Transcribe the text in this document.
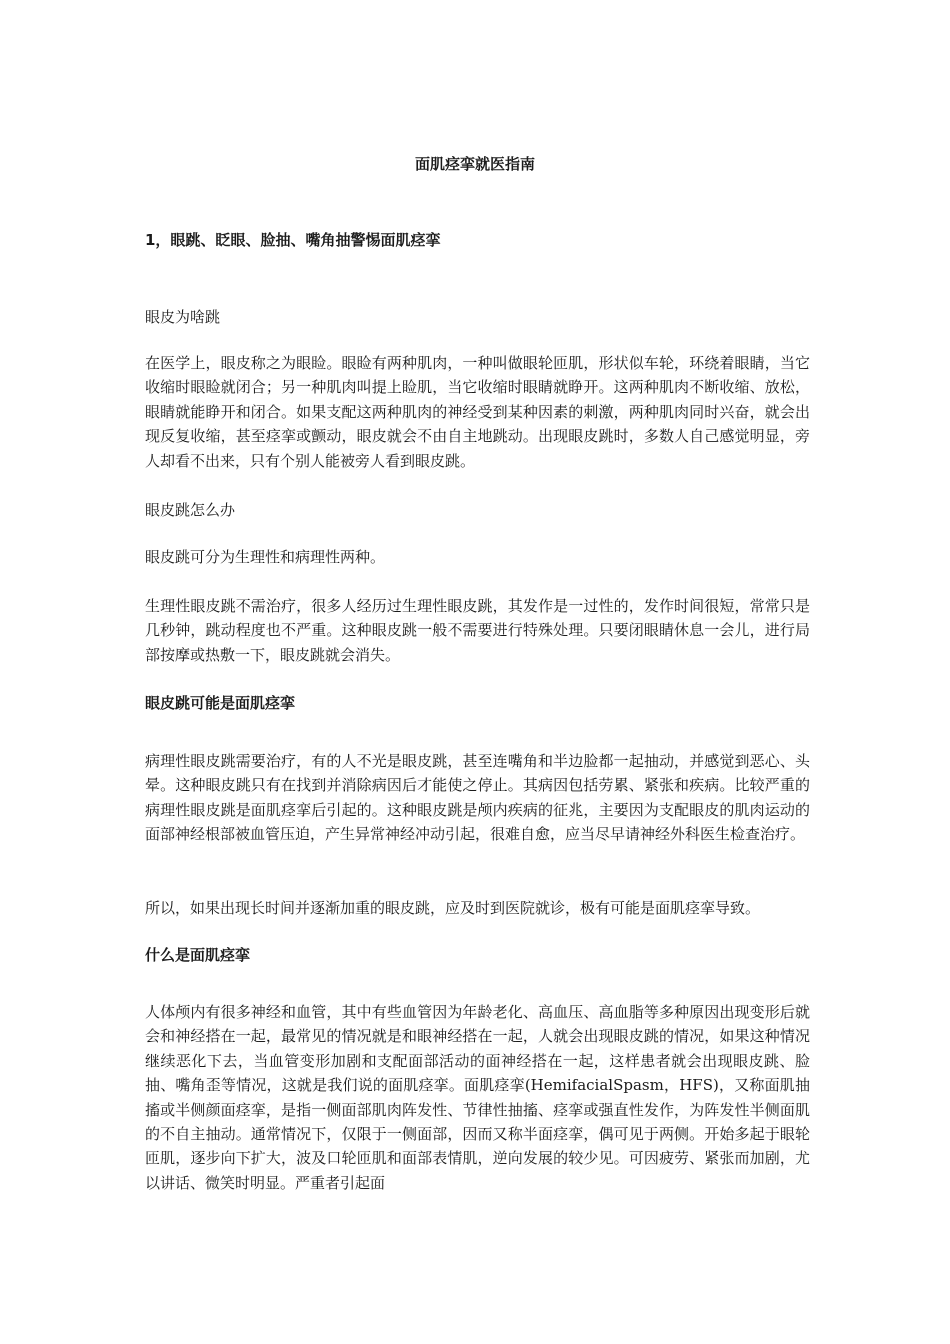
面肌痉挛就医指南

1，眼跳、眨眼、脸抽、嘴角抽警惕面肌痉挛

眼皮为啥跳

在医学上，眼皮称之为眼睑。眼睑有两种肌肉，一种叫做眼轮匝肌，形状似车轮，环绕着眼睛，当它收缩时眼睑就闭合；另一种肌肉叫提上睑肌，当它收缩时眼睛就睁开。这两种肌肉不断收缩、放松，眼睛就能睁开和闭合。如果支配这两种肌肉的神经受到某种因素的刺激，两种肌肉同时兴奋，就会出现反复收缩，甚至痉挛或颤动，眼皮就会不由自主地跳动。出现眼皮跳时，多数人自己感觉明显，旁人却看不出来，只有个别人能被旁人看到眼皮跳。

眼皮跳怎么办

眼皮跳可分为生理性和病理性两种。

生理性眼皮跳不需治疗，很多人经历过生理性眼皮跳，其发作是一过性的，发作时间很短，常常只是几秒钟，跳动程度也不严重。这种眼皮跳一般不需要进行特殊处理。只要闭眼睛休息一会儿，进行局部按摩或热敷一下，眼皮跳就会消失。

眼皮跳可能是面肌痉挛

病理性眼皮跳需要治疗，有的人不光是眼皮跳，甚至连嘴角和半边脸都一起抽动，并感觉到恶心、头晕。这种眼皮跳只有在找到并消除病因后才能使之停止。其病因包括劳累、紧张和疾病。比较严重的病理性眼皮跳是面肌痉挛后引起的。这种眼皮跳是颅内疾病的征兆，主要因为支配眼皮的肌肉运动的面部神经根部被血管压迫，产生异常神经冲动引起，很难自愈，应当尽早请神经外科医生检查治疗。

所以，如果出现长时间并逐渐加重的眼皮跳，应及时到医院就诊，极有可能是面肌痉挛导致。

什么是面肌痉挛

人体颅内有很多神经和血管，其中有些血管因为年龄老化、高血压、高血脂等多种原因出现变形后就会和神经搭在一起，最常见的情况就是和眼神经搭在一起，人就会出现眼皮跳的情况，如果这种情况继续恶化下去，当血管变形加剧和支配面部活动的面神经搭在一起，这样患者就会出现眼皮跳、脸抽、嘴角歪等情况，这就是我们说的面肌痉挛。面肌痉挛(HemifacialSpasm，HFS)，又称面肌抽搐或半侧颜面痉挛，是指一侧面部肌肉阵发性、节律性抽搐、痉挛或强直性发作，为阵发性半侧面肌的不自主抽动。通常情况下，仅限于一侧面部，因而又称半面痉挛，偶可见于两侧。开始多起于眼轮匝肌，逐步向下扩大，波及口轮匝肌和面部表情肌，逆向发展的较少见。可因疲劳、紧张而加剧，尤以讲话、微笑时明显。严重者引起面
